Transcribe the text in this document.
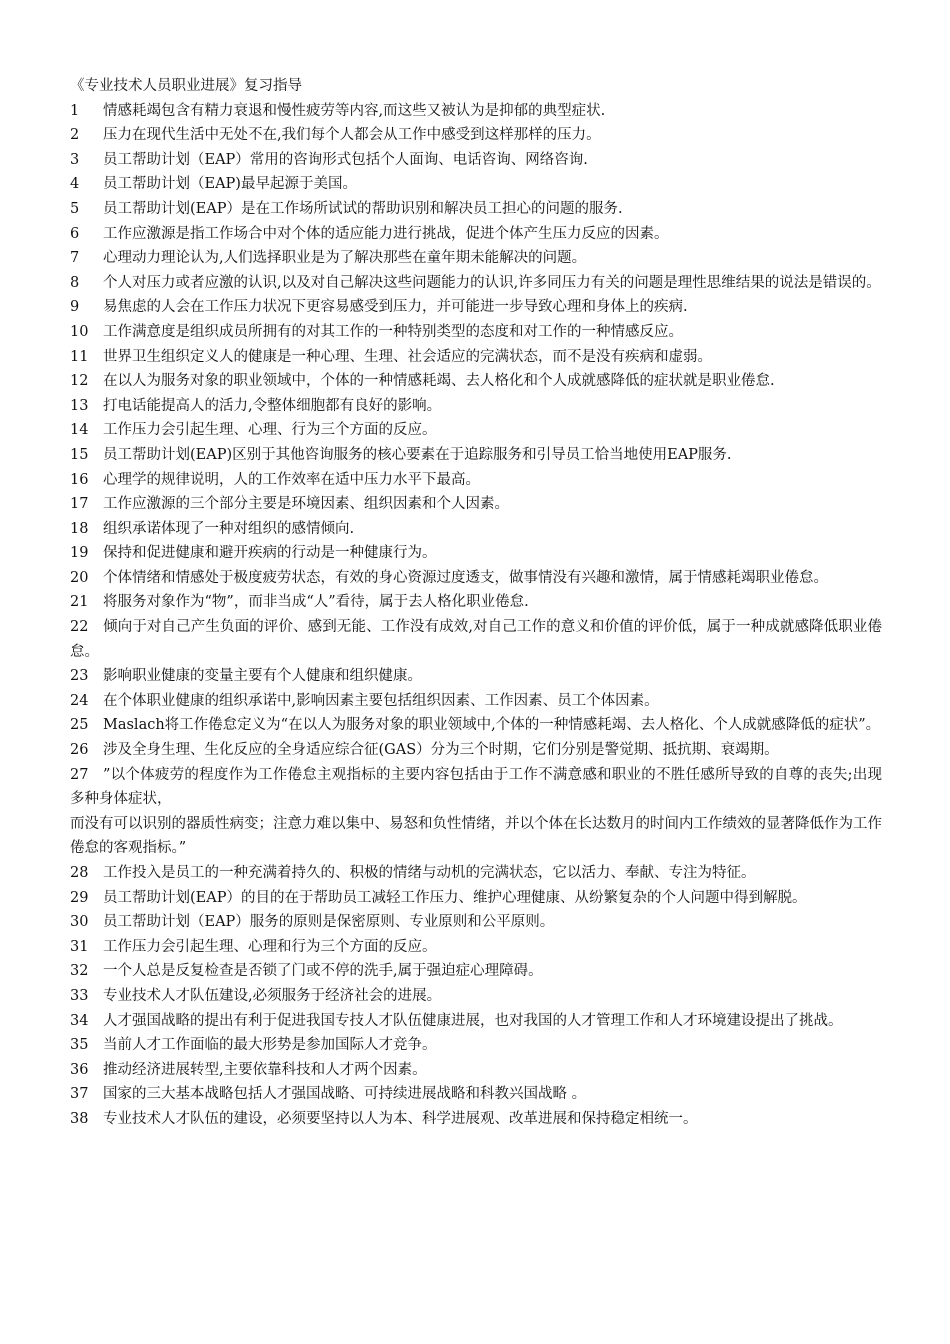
《专业技术人员职业进展》复习指导
1 情感耗竭包含有精力衰退和慢性疲劳等内容,而这些又被认为是抑郁的典型症状.
2 压力在现代生活中无处不在,我们每个人都会从工作中感受到这样那样的压力。
3 员工帮助计划（EAP）常用的咨询形式包括个人面询、电话咨询、网络咨询.
4 员工帮助计划（EAP)最早起源于美国。
5 员工帮助计划(EAP）是在工作场所试试的帮助识别和解决员工担心的问题的服务.
6 工作应激源是指工作场合中对个体的适应能力进行挑战，促进个体产生压力反应的因素。
7 心理动力理论认为,人们选择职业是为了解决那些在童年期未能解决的问题。
8 个人对压力或者应激的认识,以及对自己解决这些问题能力的认识,许多同压力有关的问题是理性思维结果的说法是错误的。
9 易焦虑的人会在工作压力状况下更容易感受到压力，并可能进一步导致心理和身体上的疾病.
10 工作满意度是组织成员所拥有的对其工作的一种特别类型的态度和对工作的一种情感反应。
11 世界卫生组织定义人的健康是一种心理、生理、社会适应的完满状态，而不是没有疾病和虚弱。
12 在以人为服务对象的职业领域中，个体的一种情感耗竭、去人格化和个人成就感降低的症状就是职业倦怠.
13 打电话能提高人的活力,令整体细胞都有良好的影响。
14 工作压力会引起生理、心理、行为三个方面的反应。
15 员工帮助计划(EAP)区别于其他咨询服务的核心要素在于追踪服务和引导员工恰当地使用EAP服务.
16 心理学的规律说明，人的工作效率在适中压力水平下最高。
17 工作应激源的三个部分主要是环境因素、组织因素和个人因素。
18 组织承诺体现了一种对组织的感情倾向.
19 保持和促进健康和避开疾病的行动是一种健康行为。
20 个体情绪和情感处于极度疲劳状态，有效的身心资源过度透支，做事情没有兴趣和激情，属于情感耗竭职业倦怠。
21 将服务对象作为“物”，而非当成“人”看待，属于去人格化职业倦怠.
22 倾向于对自己产生负面的评价、感到无能、工作没有成效,对自己工作的意义和价值的评价低，属于一种成就感降低职业倦怠。
23 影响职业健康的变量主要有个人健康和组织健康。
24 在个体职业健康的组织承诺中,影响因素主要包括组织因素、工作因素、员工个体因素。
25 Maslach将工作倦怠定义为“在以人为服务对象的职业领域中,个体的一种情感耗竭、去人格化、个人成就感降低的症状”。
26 涉及全身生理、生化反应的全身适应综合征(GAS）分为三个时期，它们分别是警觉期、抵抗期、衰竭期。
27 ”以个体疲劳的程度作为工作倦怠主观指标的主要内容包括由于工作不满意感和职业的不胜任感所导致的自尊的丧失;出现多种身体症状，
而没有可以识别的器质性病变；注意力难以集中、易怒和负性情绪，并以个体在长达数月的时间内工作绩效的显著降低作为工作倦怠的客观指标。”
28 工作投入是员工的一种充满着持久的、积极的情绪与动机的完满状态，它以活力、奉献、专注为特征。
29 员工帮助计划(EAP）的目的在于帮助员工减轻工作压力、维护心理健康、从纷繁复杂的个人问题中得到解脱。
30 员工帮助计划（EAP）服务的原则是保密原则、专业原则和公平原则。
31 工作压力会引起生理、心理和行为三个方面的反应。
32 一个人总是反复检查是否锁了门或不停的洗手,属于强迫症心理障碍。
33 专业技术人才队伍建设,必须服务于经济社会的进展。
34 人才强国战略的提出有利于促进我国专技人才队伍健康进展，也对我国的人才管理工作和人才环境建设提出了挑战。
35 当前人才工作面临的最大形势是参加国际人才竞争。
36 推动经济进展转型,主要依靠科技和人才两个因素。
37 国家的三大基本战略包括人才强国战略、可持续进展战略和科教兴国战略 。
38 专业技术人才队伍的建设，必须要坚持以人为本、科学进展观、改革进展和保持稳定相统一。
